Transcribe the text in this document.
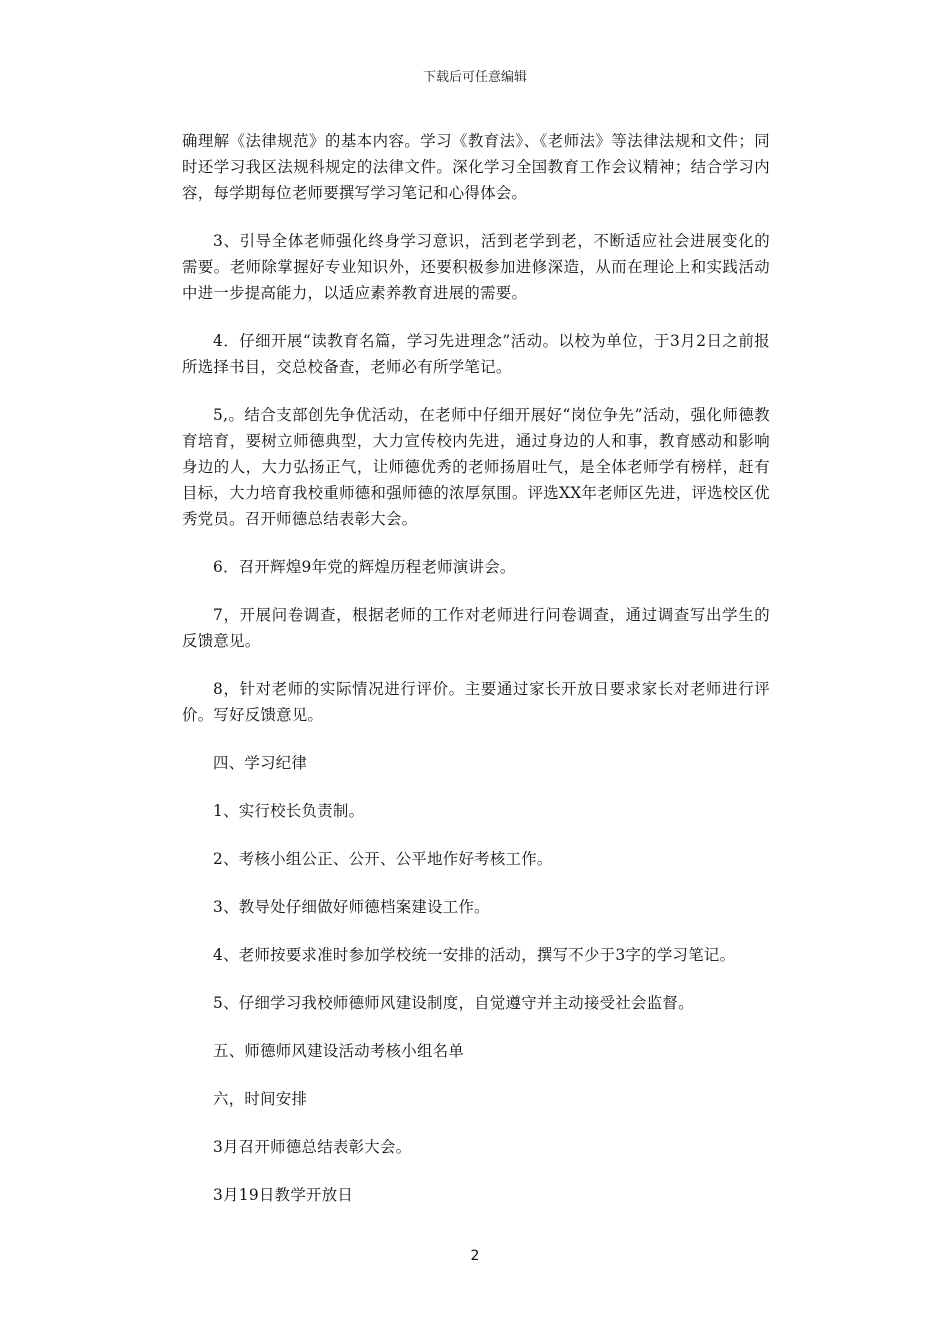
下载后可任意编辑

确理解《法律规范》的基本内容。学习《教育法》、《老师法》等法律法规和文件；同时还学习我区法规科规定的法律文件。深化学习全国教育工作会议精神；结合学习内容，每学期每位老师要撰写学习笔记和心得体会。

3、引导全体老师强化终身学习意识，活到老学到老，不断适应社会进展变化的需要。老师除掌握好专业知识外，还要积极参加进修深造，从而在理论上和实践活动中进一步提高能力，以适应素养教育进展的需要。

4．仔细开展“读教育名篇，学习先进理念”活动。以校为单位，于3月2日之前报所选择书目，交总校备查，老师必有所学笔记。

5,。结合支部创先争优活动，在老师中仔细开展好“岗位争先”活动，强化师德教育培育，要树立师德典型，大力宣传校内先进，通过身边的人和事，教育感动和影响身边的人，大力弘扬正气，让师德优秀的老师扬眉吐气，是全体老师学有榜样，赶有目标，大力培育我校重师德和强师德的浓厚氛围。评选XX年老师区先进，评选校区优秀党员。召开师德总结表彰大会。

6．召开辉煌9年党的辉煌历程老师演讲会。

7，开展问卷调查，根据老师的工作对老师进行问卷调查，通过调查写出学生的反馈意见。

8，针对老师的实际情况进行评价。主要通过家长开放日要求家长对老师进行评价。写好反馈意见。

四、学习纪律

1、实行校长负责制。

2、考核小组公正、公开、公平地作好考核工作。

3、教导处仔细做好师德档案建设工作。

4、老师按要求准时参加学校统一安排的活动，撰写不少于3字的学习笔记。

5、仔细学习我校师德师风建设制度，自觉遵守并主动接受社会监督。

五、师德师风建设活动考核小组名单

六，时间安排

3月召开师德总结表彰大会。

3月19日教学开放日

2
